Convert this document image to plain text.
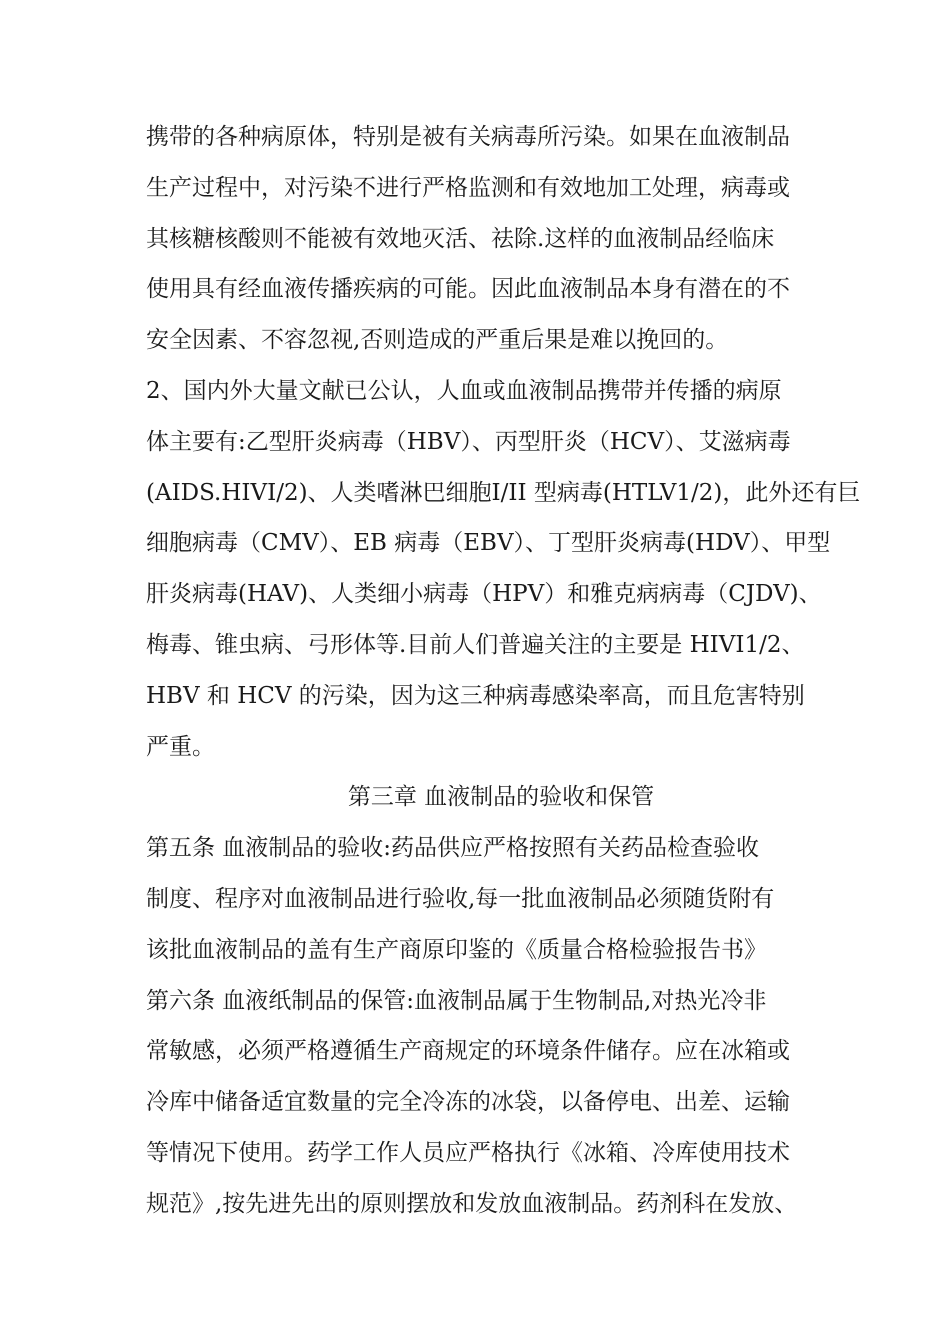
携带的各种病原体，特别是被有关病毒所污染。如果在血液制品
生产过程中，对污染不进行严格监测和有效地加工处理，病毒或
其核糖核酸则不能被有效地灭活、祛除.这样的血液制品经临床
使用具有经血液传播疾病的可能。因此血液制品本身有潜在的不
安全因素、不容忽视,否则造成的严重后果是难以挽回的。
2、国内外大量文献已公认，人血或血液制品携带并传播的病原
体主要有:乙型肝炎病毒（HBV）、丙型肝炎（HCV）、艾滋病毒
(AIDS.HIVI/2)、人类嗜淋巴细胞I/II 型病毒(HTLV1/2)，此外还有巨
细胞病毒（CMV）、EB 病毒（EBV）、丁型肝炎病毒(HDV）、甲型
肝炎病毒(HAV)、人类细小病毒（HPV）和雅克病病毒（CJDV)、
梅毒、锥虫病、弓形体等.目前人们普遍关注的主要是 HIVI1/2、
HBV 和 HCV 的污染，因为这三种病毒感染率高，而且危害特别
严重。
第三章 血液制品的验收和保管
第五条 血液制品的验收:药品供应严格按照有关药品检查验收
制度、程序对血液制品进行验收,每一批血液制品必须随货附有
该批血液制品的盖有生产商原印鉴的《质量合格检验报告书》
第六条 血液纸制品的保管:血液制品属于生物制品,对热光冷非
常敏感，必须严格遵循生产商规定的环境条件储存。应在冰箱或
冷库中储备适宜数量的完全冷冻的冰袋，以备停电、出差、运输
等情况下使用。药学工作人员应严格执行《冰箱、冷库使用技术
规范》,按先进先出的原则摆放和发放血液制品。药剂科在发放、
